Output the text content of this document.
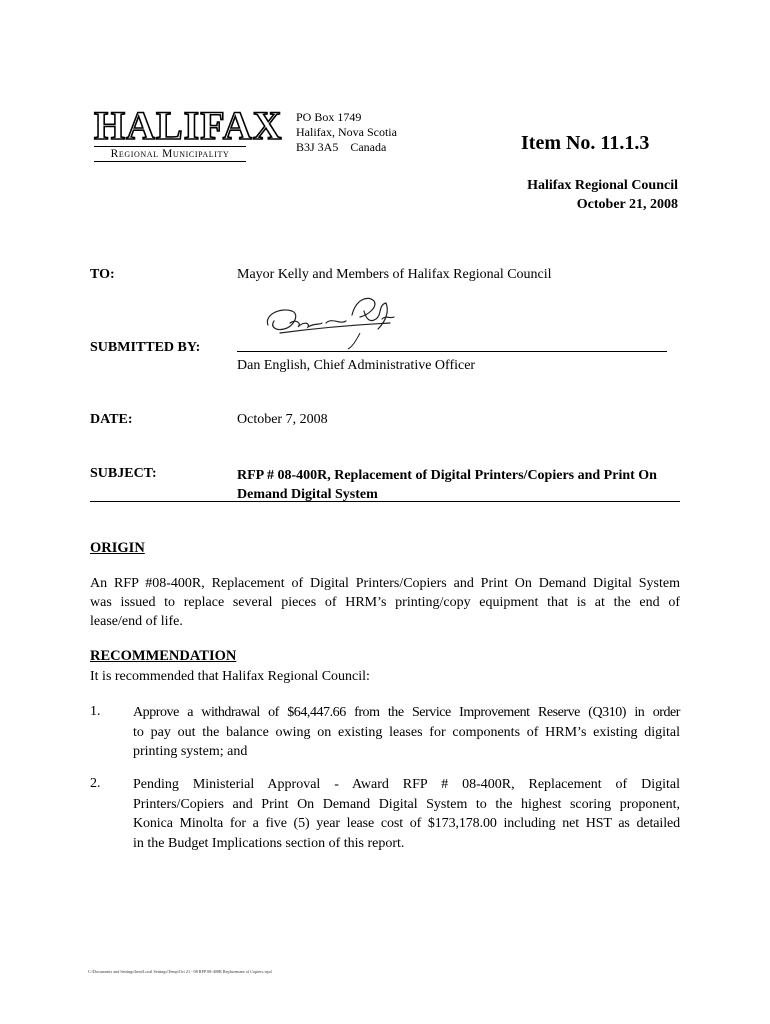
HALIFAX
Regional Municipality
PO Box 1749
Halifax, Nova Scotia
B3J 3A5    Canada	Item No. 11.1.3
Halifax Regional Council
October 21, 2008
TO:	Mayor Kelly and Members of Halifax Regional Council
SUBMITTED BY:
Dan English, Chief Administrative Officer
DATE:	October 7, 2008
SUBJECT:	RFP # 08-400R, Replacement of Digital Printers/Copiers and Print On
Demand Digital System
ORIGIN
An RFP #08-400R, Replacement of Digital Printers/Copiers and Print On Demand Digital System
was issued to replace several pieces of HRM’s printing/copy equipment that is at the end of
lease/end of life.
RECOMMENDATION
It is recommended that Halifax Regional Council:
1. Approve a withdrawal of $64,447.66 from the Service Improvement Reserve (Q310) in order
to pay out the balance owing on existing leases for components of HRM’s existing digital
printing system; and
2. Pending Ministerial Approval - Award RFP # 08-400R, Replacement of Digital
Printers/Copiers and Print On Demand Digital System to the highest scoring proponent,
Konica Minolta for a five (5) year lease cost of $173,178.00 including net HST as detailed
in the Budget Implications section of this report.
C:\Documents and Settings\hrm\Local Settings\Temp\Oct 21 - 08 RFP 08-400R Replacement of Copiers.wpd
